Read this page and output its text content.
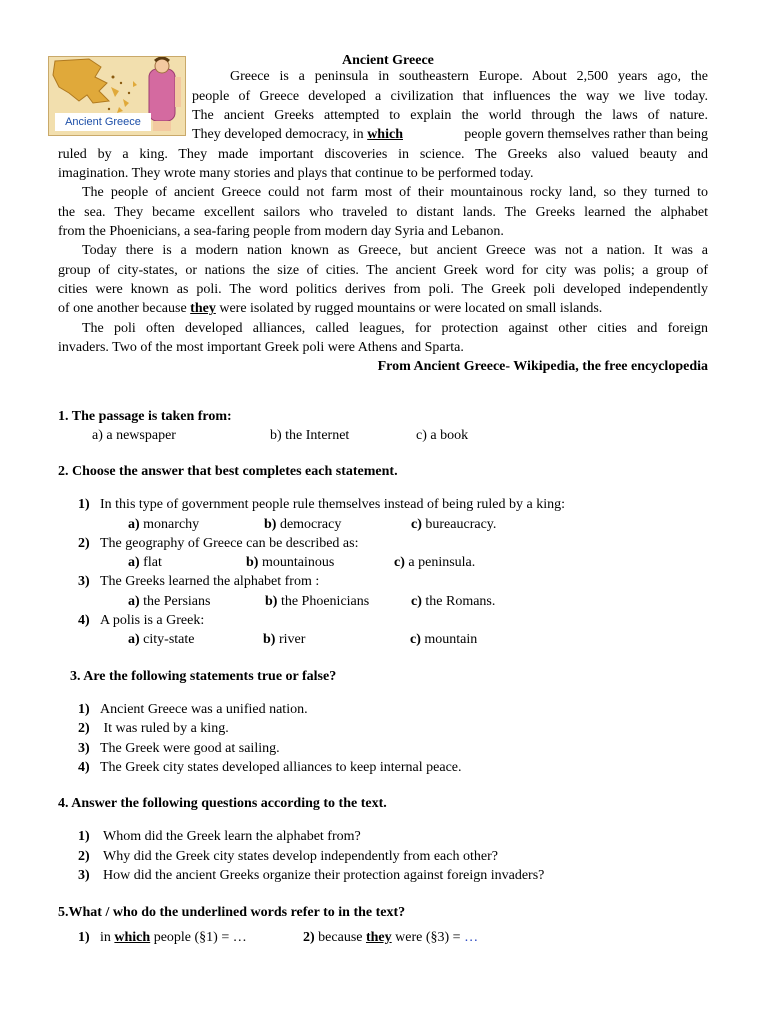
Ancient Greece
Ancient Greece
Greece is a peninsula in southeastern Europe. About 2,500 years ago, the
people of Greece developed a civilization that influences the way we live today.
The ancient Greeks attempted to explain the world through the laws of nature.
They developed democracy, in which	people govern themselves rather than being
ruled by a king. They made important discoveries in science. The Greeks also valued beauty and
imagination. They wrote many stories and plays that continue to be performed today.
The people of ancient Greece could not farm most of their mountainous rocky land, so they turned to
the sea. They became excellent sailors who traveled to distant lands. The Greeks learned the alphabet
from the Phoenicians, a sea-faring people from modern day Syria and Lebanon.
Today there is a modern nation known as Greece, but ancient Greece was not a nation. It was a
group of city-states, or nations the size of cities. The ancient Greek word for city was polis; a group of
cities were known as poli. The word politics derives from poli. The Greek poli developed independently
of one another because they were isolated by rugged mountains or were located on small islands.
The poli often developed alliances, called leagues, for protection against other cities and foreign
invaders. Two of the most important Greek poli were Athens and Sparta.
From Ancient Greece- Wikipedia, the free encyclopedia
1. The passage is taken from:
a) a newspaper	b) the Internet	c) a book
2. Choose the answer that best completes each statement.
1) In this type of government people rule themselves instead of being ruled by a king:
a) monarchy	b) democracy	c) bureaucracy.
2) The geography of Greece can be described as:
a) flat	b) mountainous	c) a peninsula.
3) The Greeks learned the alphabet from :
a) the Persians	b) the Phoenicians	c) the Romans.
4) A polis is a Greek:
a) city-state	b) river	c) mountain
3. Are the following statements true or false?
1) Ancient Greece was a unified nation.
2) It was ruled by a king.
3) The Greek were good at sailing.
4) The Greek city states developed alliances to keep internal peace.
4. Answer the following questions according to the text.
1) Whom did the Greek learn the alphabet from?
2) Why did the Greek city states develop independently from each other?
3) How did the ancient Greeks organize their protection against foreign invaders?
5.What / who do the underlined words refer to in the text?
1) in which people (§1) = …	2) because they were (§3) = …
